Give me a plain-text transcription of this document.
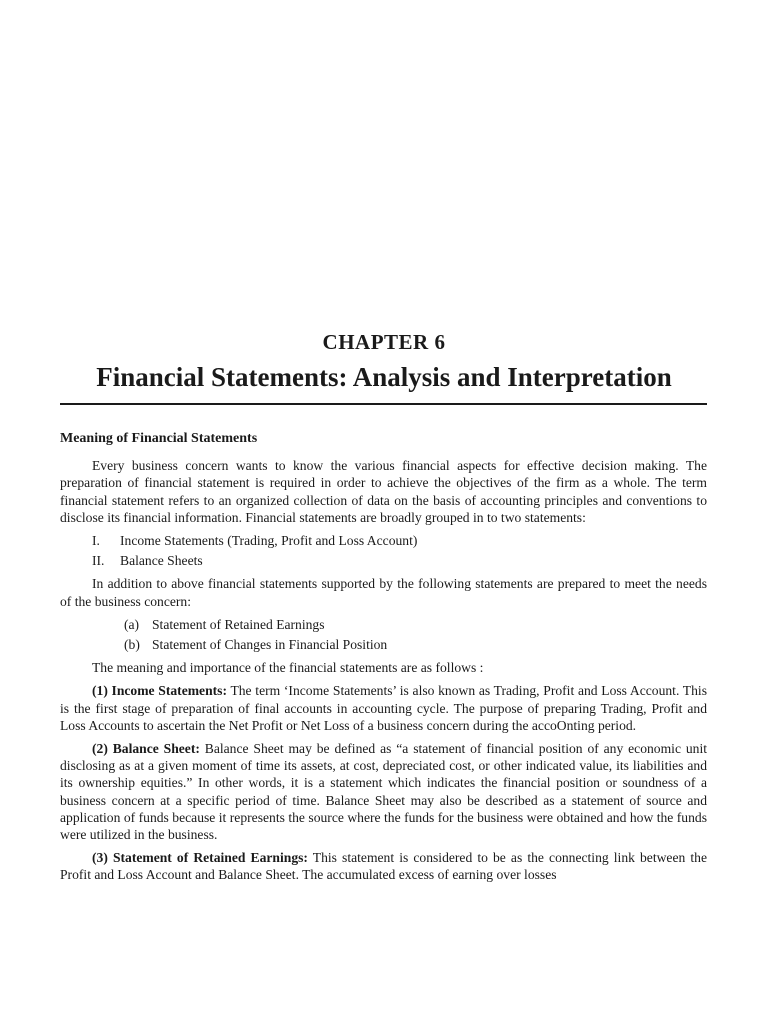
CHAPTER 6
Financial Statements: Analysis and Interpretation
Meaning of Financial Statements

Every business concern wants to know the various financial aspects for effective decision making. The preparation of financial statement is required in order to achieve the objectives of the firm as a whole. The term financial statement refers to an organized collection of data on the basis of accounting principles and conventions to disclose its financial information. Financial statements are broadly grouped in to two statements:

I. Income Statements (Trading, Profit and Loss Account)
II. Balance Sheets

In addition to above financial statements supported by the following statements are prepared to meet the needs of the business concern:

(a) Statement of Retained Earnings
(b) Statement of Changes in Financial Position

The meaning and importance of the financial statements are as follows :

(1) Income Statements: The term ‘Income Statements’ is also known as Trading, Profit and Loss Account. This is the first stage of preparation of final accounts in accounting cycle. The purpose of preparing Trading, Profit and Loss Accounts to ascertain the Net Profit or Net Loss of a business concern during the accoOnting period.

(2) Balance Sheet: Balance Sheet may be defined as “a statement of financial position of any economic unit disclosing as at a given moment of time its assets, at cost, depreciated cost, or other indicated value, its liabilities and its ownership equities.” In other words, it is a statement which indicates the financial position or soundness of a business concern at a specific period of time. Balance Sheet may also be described as a statement of source and application of funds because it represents the source where the funds for the business were obtained and how the funds were utilized in the business.

(3) Statement of Retained Earnings: This statement is considered to be as the connecting link between the Profit and Loss Account and Balance Sheet. The accumulated excess of earning over losses
